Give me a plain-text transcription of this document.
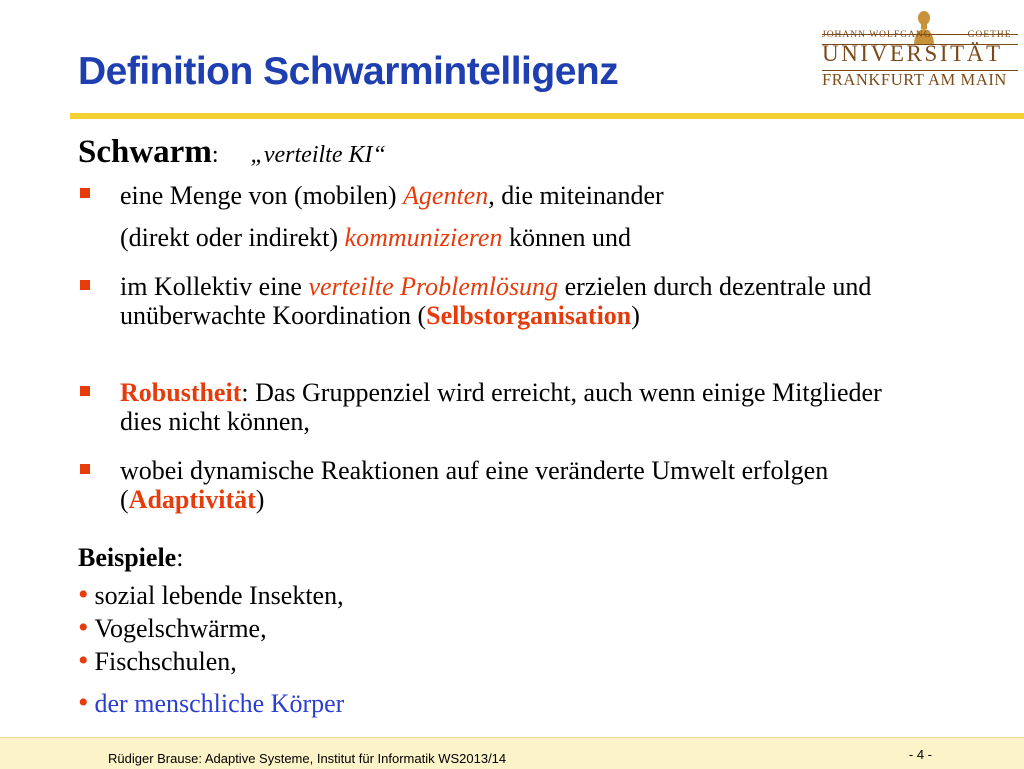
Definition Schwarmintelligenz
JOHANN WOLFGANG	GOETHE
UNIVERSITÄT
FRANKFURT AM MAIN
Schwarm: „verteilte KI“
eine Menge von (mobilen) Agenten, die miteinander
(direkt oder indirekt) kommunizieren können und
im Kollektiv eine verteilte Problemlösung erzielen durch dezentrale und unüberwachte Koordination (Selbstorganisation)
Robustheit: Das Gruppenziel wird erreicht, auch wenn einige Mitglieder dies nicht können,
wobei dynamische Reaktionen auf eine veränderte Umwelt erfolgen (Adaptivität)
Beispiele:
• sozial lebende Insekten,
• Vogelschwärme,
• Fischschulen,
• der menschliche Körper
Rüdiger Brause: Adaptive Systeme, Institut für Informatik WS2013/14	- 4 -
